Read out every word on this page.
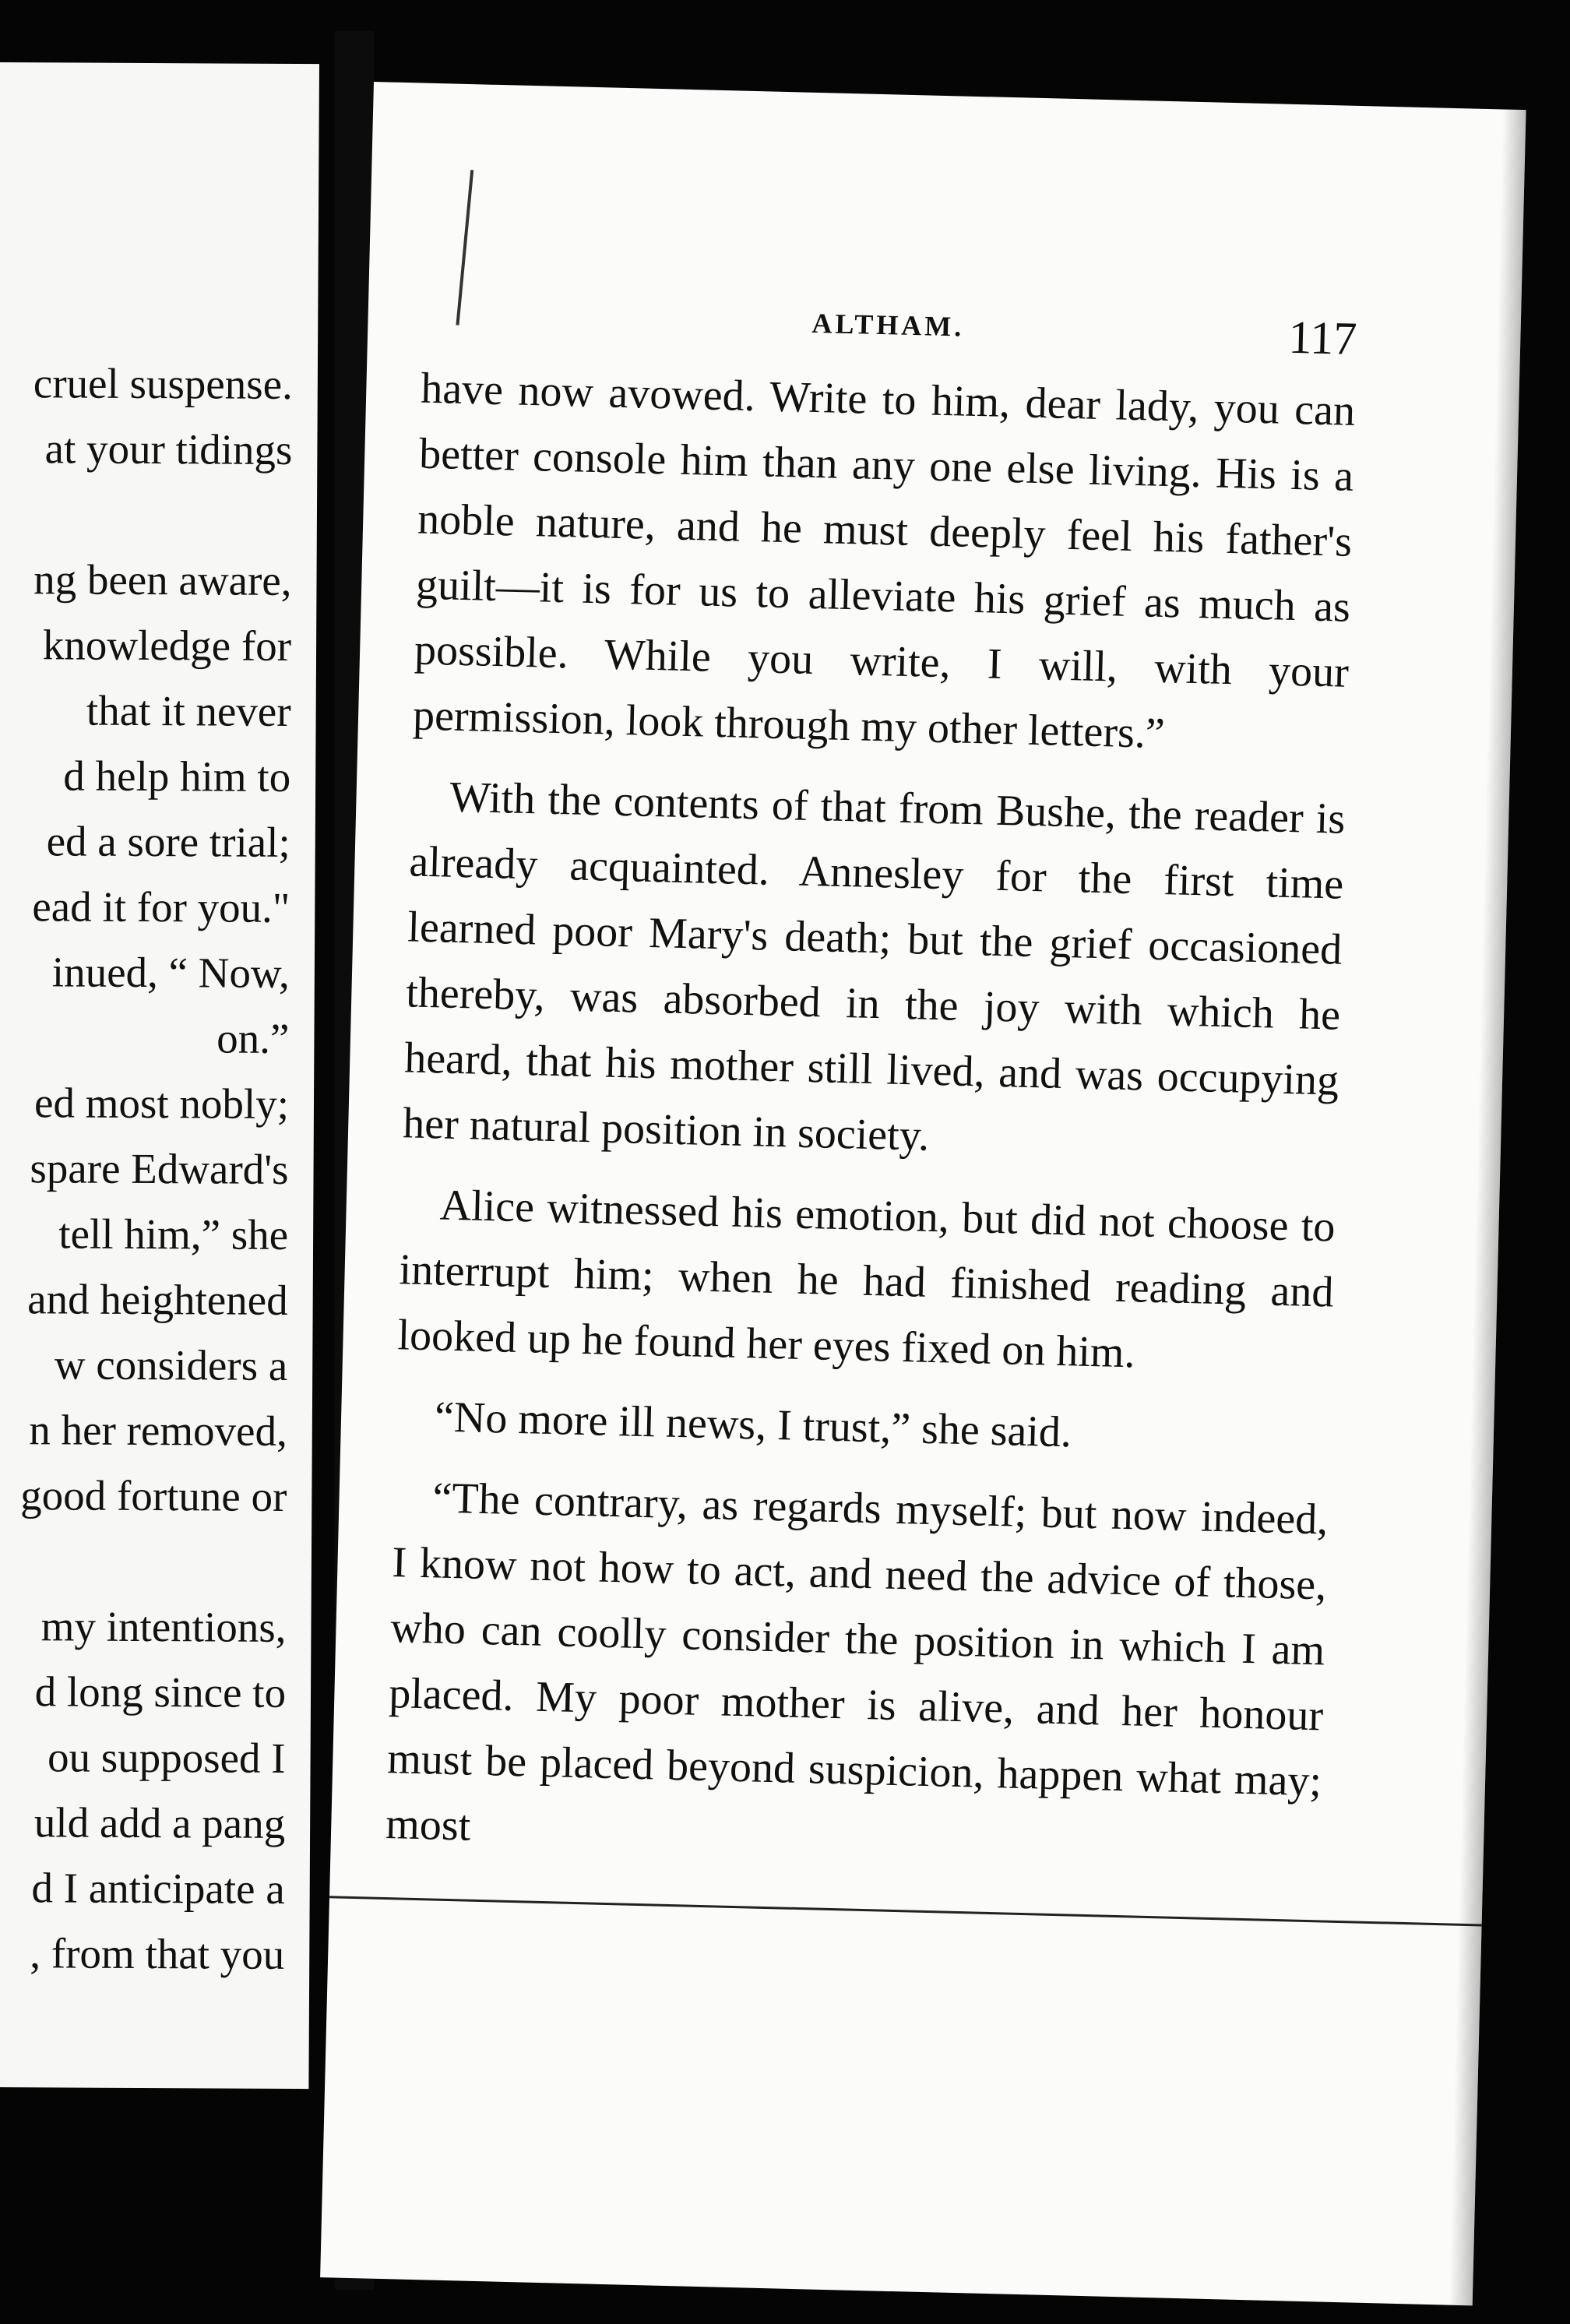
cruel suspense.
at your tidings
ng been aware,
knowledge for
that it never
d help him to
ed a sore trial;
ead it for you."
inued, “ Now,
on.”
ed most nobly;
spare Edward's
tell him,” she
and heightened
w considers a
n her removed,
good fortune or
my intentions,
d long since to
ou supposed I
uld add a pang
d I anticipate a
, from that you
ALTHAM.	117

have now avowed. Write to him, dear lady, you can better console him than any one else living. His is a noble nature, and he must deeply feel his father's guilt—it is for us to alleviate his grief as much as possible. While you write, I will, with your permission, look through my other letters.”

With the contents of that from Bushe, the reader is already acquainted. Annesley for the first time learned poor Mary's death; but the grief occasioned thereby, was absorbed in the joy with which he heard, that his mother still lived, and was occupying her natural position in society.

Alice witnessed his emotion, but did not choose to interrupt him; when he had finished reading and looked up he found her eyes fixed on him.

“No more ill news, I trust,” she said.

“The contrary, as regards myself; but now indeed, I know not how to act, and need the advice of those, who can coolly consider the position in which I am placed. My poor mother is alive, and her honour must be placed beyond suspicion, happen what may; most
